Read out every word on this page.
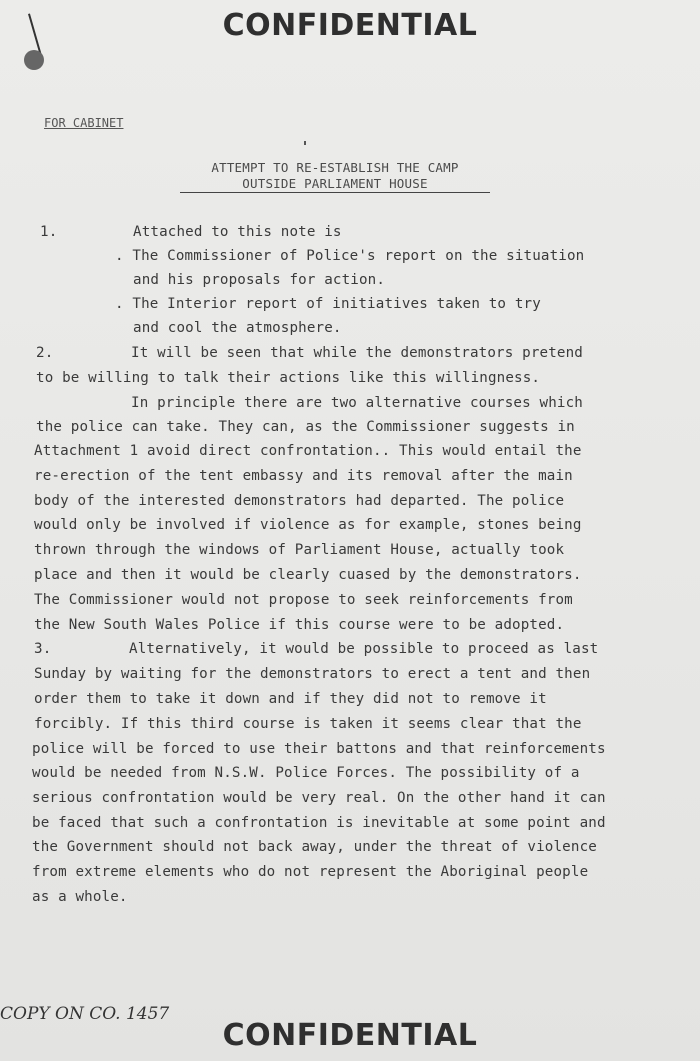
CONFIDENTIAL
FOR CABINET
ATTEMPT TO RE-ESTABLISH THE CAMP
OUTSIDE PARLIAMENT HOUSE
1.	Attached to this note is
. The Commissioner of Police's report on the situation
and his proposals for action.
. The Interior report of initiatives taken to try
and cool the atmosphere.
2.	It will be seen that while the demonstrators pretend
to be willing to talk their actions like this willingness.
In principle there are two alternative courses which
the police can take. They can, as the Commissioner suggests in
Attachment 1 avoid direct confrontation.. This would entail the
re-erection of the tent embassy and its removal after the main
body of the interested demonstrators had departed. The police
would only be involved if violence as for example, stones being
thrown through the windows of Parliament House, actually took
place and then it would be clearly cuased by the demonstrators.
The Commissioner would not propose to seek reinforcements from
the New South Wales Police if this course were to be adopted.
3.	Alternatively, it would be possible to proceed as last
Sunday by waiting for the demonstrators to erect a tent and then
order them to take it down and if they did not to remove it
forcibly. If this third course is taken it seems clear that the
police will be forced to use their battons and that reinforcements
would be needed from N.S.W. Police Forces. The possibility of a
serious confrontation would be very real. On the other hand it can
be faced that such a confrontation is inevitable at some point and
the Government should not back away, under the threat of violence
from extreme elements who do not represent the Aboriginal people
as a whole.
COPY ON CO. 1457
CONFIDENTIAL
